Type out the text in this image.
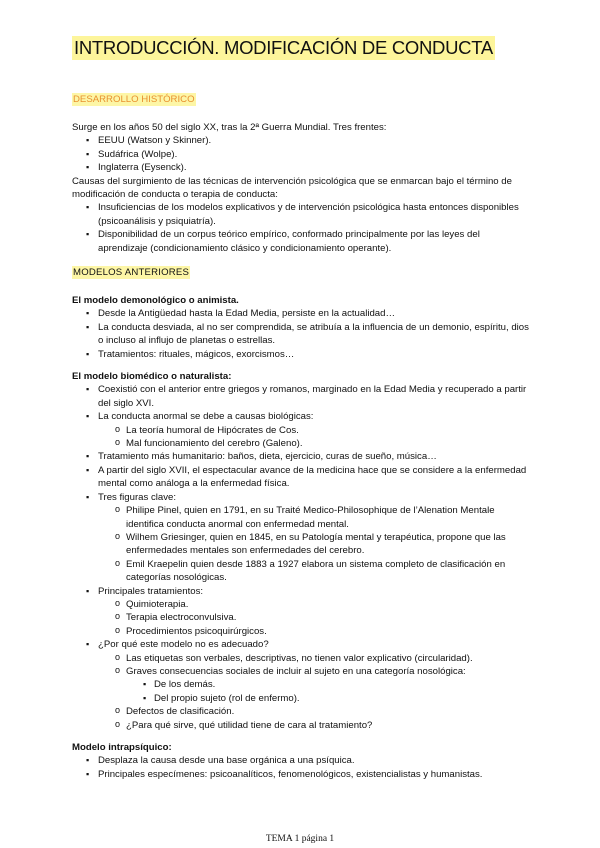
INTRODUCCIÓN. MODIFICACIÓN DE CONDUCTA
DESARROLLO HISTÓRICO

Surge en los años 50 del siglo XX, tras la 2ª Guerra Mundial. Tres frentes:

▪ EEUU (Watson y Skinner).
▪ Sudáfrica (Wolpe).
▪ Inglaterra (Eysenck).

Causas del surgimiento de las técnicas de intervención psicológica que se enmarcan bajo el término de modificación de conducta o terapia de conducta:

▪ Insuficiencias de los modelos explicativos y de intervención psicológica hasta entonces disponibles (psicoanálisis y psiquiatría).
▪ Disponibilidad de un corpus teórico empírico, conformado principalmente por las leyes del aprendizaje (condicionamiento clásico y condicionamiento operante).
MODELOS ANTERIORES

El modelo demonológico o animista.

▪ Desde la Antigüedad hasta la Edad Media, persiste en la actualidad…
▪ La conducta desviada, al no ser comprendida, se atribuía a la influencia de un demonio, espíritu, dios o incluso al influjo de planetas o estrellas.
▪ Tratamientos: rituales, mágicos, exorcismos…

El modelo biomédico o naturalista:

▪ Coexistió con el anterior entre griegos y romanos, marginado en la Edad Media y recuperado a partir del siglo XVI.
▪ La conducta anormal se debe a causas biológicas:
o La teoría humoral de Hipócrates de Cos.
o Mal funcionamiento del cerebro (Galeno).
▪ Tratamiento más humanitario: baños, dieta, ejercicio, curas de sueño, música…
▪ A partir del siglo XVII, el espectacular avance de la medicina hace que se considere a la enfermedad mental como análoga a la enfermedad física.
▪ Tres figuras clave:
o Philipe Pinel, quien en 1791, en su Traité Medico-Philosophique de l’Alenation Mentale identifica conducta anormal con enfermedad mental.
o Wilhem Griesinger, quien en 1845, en su Patología mental y terapéutica, propone que las enfermedades mentales son enfermedades del cerebro.
o Emil Kraepelin quien desde 1883 a 1927 elabora un sistema completo de clasificación en categorías nosológicas.
▪ Principales tratamientos:
o Quimioterapia.
o Terapia electroconvulsiva.
o Procedimientos psicoquirúrgicos.
▪ ¿Por qué este modelo no es adecuado?
o Las etiquetas son verbales, descriptivas, no tienen valor explicativo (circularidad).
o Graves consecuencias sociales de incluir al sujeto en una categoría nosológica:
▪ De los demás.
▪ Del propio sujeto (rol de enfermo).
o Defectos de clasificación.
o ¿Para qué sirve, qué utilidad tiene de cara al tratamiento?

Modelo intrapsíquico:

▪ Desplaza la causa desde una base orgánica a una psíquica.
▪ Principales especímenes: psicoanalíticos, fenomenológicos, existencialistas y humanistas.
TEMA 1 página 1
